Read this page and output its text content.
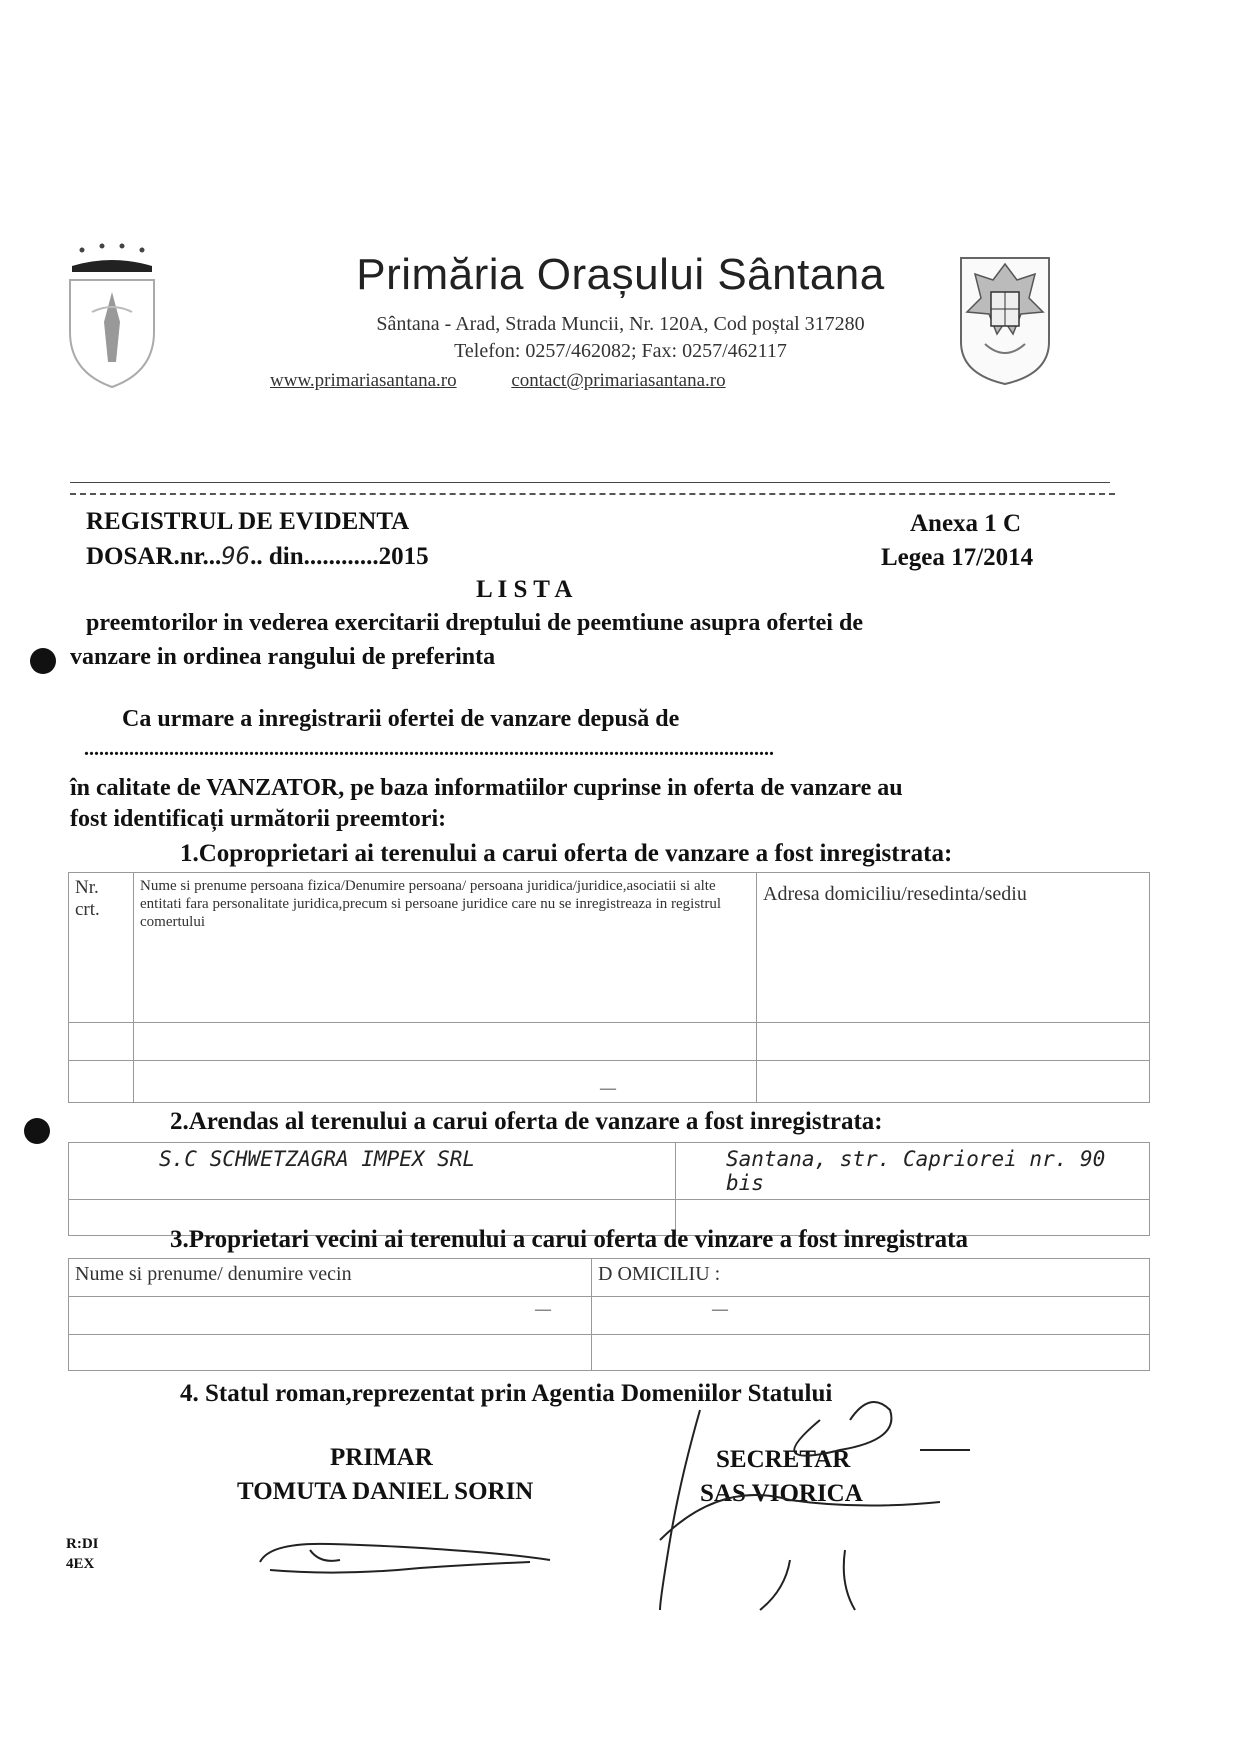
Primăria Orașului Sântana
Sântana - Arad, Strada Muncii, Nr. 120A, Cod poștal 317280
Telefon: 0257/462082; Fax: 0257/462117
www.primariasantana.ro	contact@primariasantana.ro
REGISTRUL DE EVIDENTA
DOSAR.nr...96.. din............2015
Anexa 1 C
Legea 17/2014
L I S T A
preemtorilor in vederea exercitarii dreptului de peemtiune asupra ofertei de
vanzare in ordinea rangului de preferinta
Ca urmare a inregistrarii ofertei de vanzare depusă de
..........................................................................................................................................
în calitate de VANZATOR, pe baza informatiilor cuprinse in oferta de vanzare au
fost identificați următorii preemtori:
1.Coproprietari ai terenului a carui oferta de vanzare a fost inregistrata:
Nr. crt.	Nume si prenume persoana fizica/Denumire persoana/ persoana juridica/juridice,asociatii si alte entitati fara personalitate juridica,precum si persoane juridice care nu se inregistreaza in registrul comertului	Adresa domiciliu/resedinta/sediu

	—	
2.Arendas al terenului a carui oferta de vanzare a fost inregistrata:
S.C SCHWETZAGRA IMPEX SRL	Santana, str. Capriorei nr. 90 bis

3.Proprietari vecini ai terenului a carui oferta de vinzare a fost inregistrata
Nume si prenume/ denumire vecin	D OMICILIU :
—	—

4. Statul roman,reprezentat prin Agentia Domeniilor Statului
PRIMAR
TOMUTA DANIEL SORIN
SECRETAR
SAS VIORICA
R:DI
4EX
